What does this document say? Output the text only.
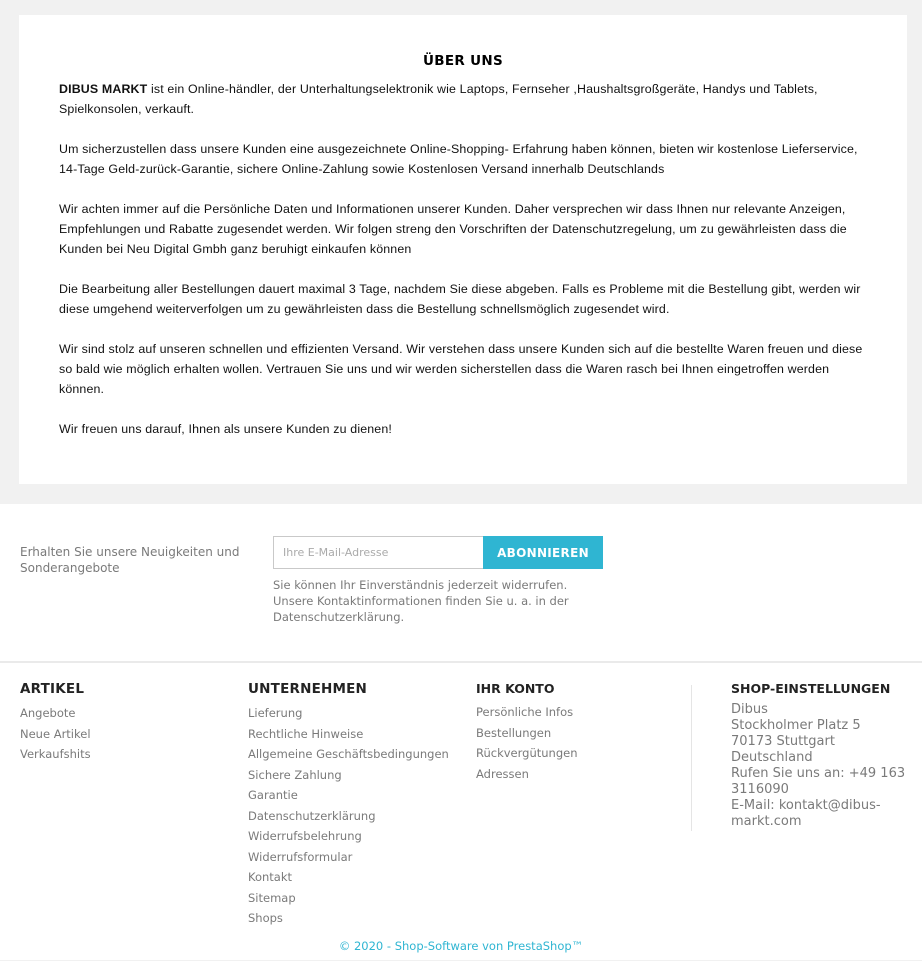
ÜBER UNS

DIBUS MARKT ist ein Online-händler, der Unterhaltungselektronik wie Laptops, Fernseher ,Haushaltsgroßgeräte, Handys und Tablets, Spielkonsolen, verkauft.

Um sicherzustellen dass unsere Kunden eine ausgezeichnete Online-Shopping- Erfahrung haben können, bieten wir kostenlose Lieferservice, 14-Tage Geld-zurück-Garantie, sichere Online-Zahlung sowie Kostenlosen Versand innerhalb Deutschlands

Wir achten immer auf die Persönliche Daten und Informationen unserer Kunden. Daher versprechen wir dass Ihnen nur relevante Anzeigen, Empfehlungen und Rabatte zugesendet werden. Wir folgen streng den Vorschriften der Datenschutzregelung, um zu gewährleisten dass die Kunden bei Neu Digital Gmbh ganz beruhigt einkaufen können

Die Bearbeitung aller Bestellungen dauert maximal 3 Tage, nachdem Sie diese abgeben. Falls es Probleme mit die Bestellung gibt, werden wir diese umgehend weiterverfolgen um zu gewährleisten dass die Bestellung schnellsmöglich zugesendet wird.

Wir sind stolz auf unseren schnellen und effizienten Versand. Wir verstehen dass unsere Kunden sich auf die bestellte Waren freuen und diese so bald wie möglich erhalten wollen. Vertrauen Sie uns und wir werden sicherstellen dass die Waren rasch bei Ihnen eingetroffen werden können.

Wir freuen uns darauf, Ihnen als unsere Kunden zu dienen!

Erhalten Sie unsere Neuigkeiten und Sonderangebote
Ihre E-Mail-Adresse
ABONNIEREN
Sie können Ihr Einverständnis jederzeit widerrufen. Unsere Kontaktinformationen finden Sie u. a. in der Datenschutzerklärung.
ARTIKEL
Angebote
Neue Artikel
Verkaufshits
UNTERNEHMEN
Lieferung
Rechtliche Hinweise
Allgemeine Geschäftsbedingungen
Sichere Zahlung
Garantie
Datenschutzerklärung
Widerrufsbelehrung
Widerrufsformular
Kontakt
Sitemap
Shops
IHR KONTO
Persönliche Infos
Bestellungen
Rückvergütungen
Adressen
SHOP-EINSTELLUNGEN
Dibus
Stockholmer Platz 5
70173 Stuttgart
Deutschland
Rufen Sie uns an: +49 163 3116090
E-Mail: kontakt@dibus-markt.com
© 2020 - Shop-Software von PrestaShop™
